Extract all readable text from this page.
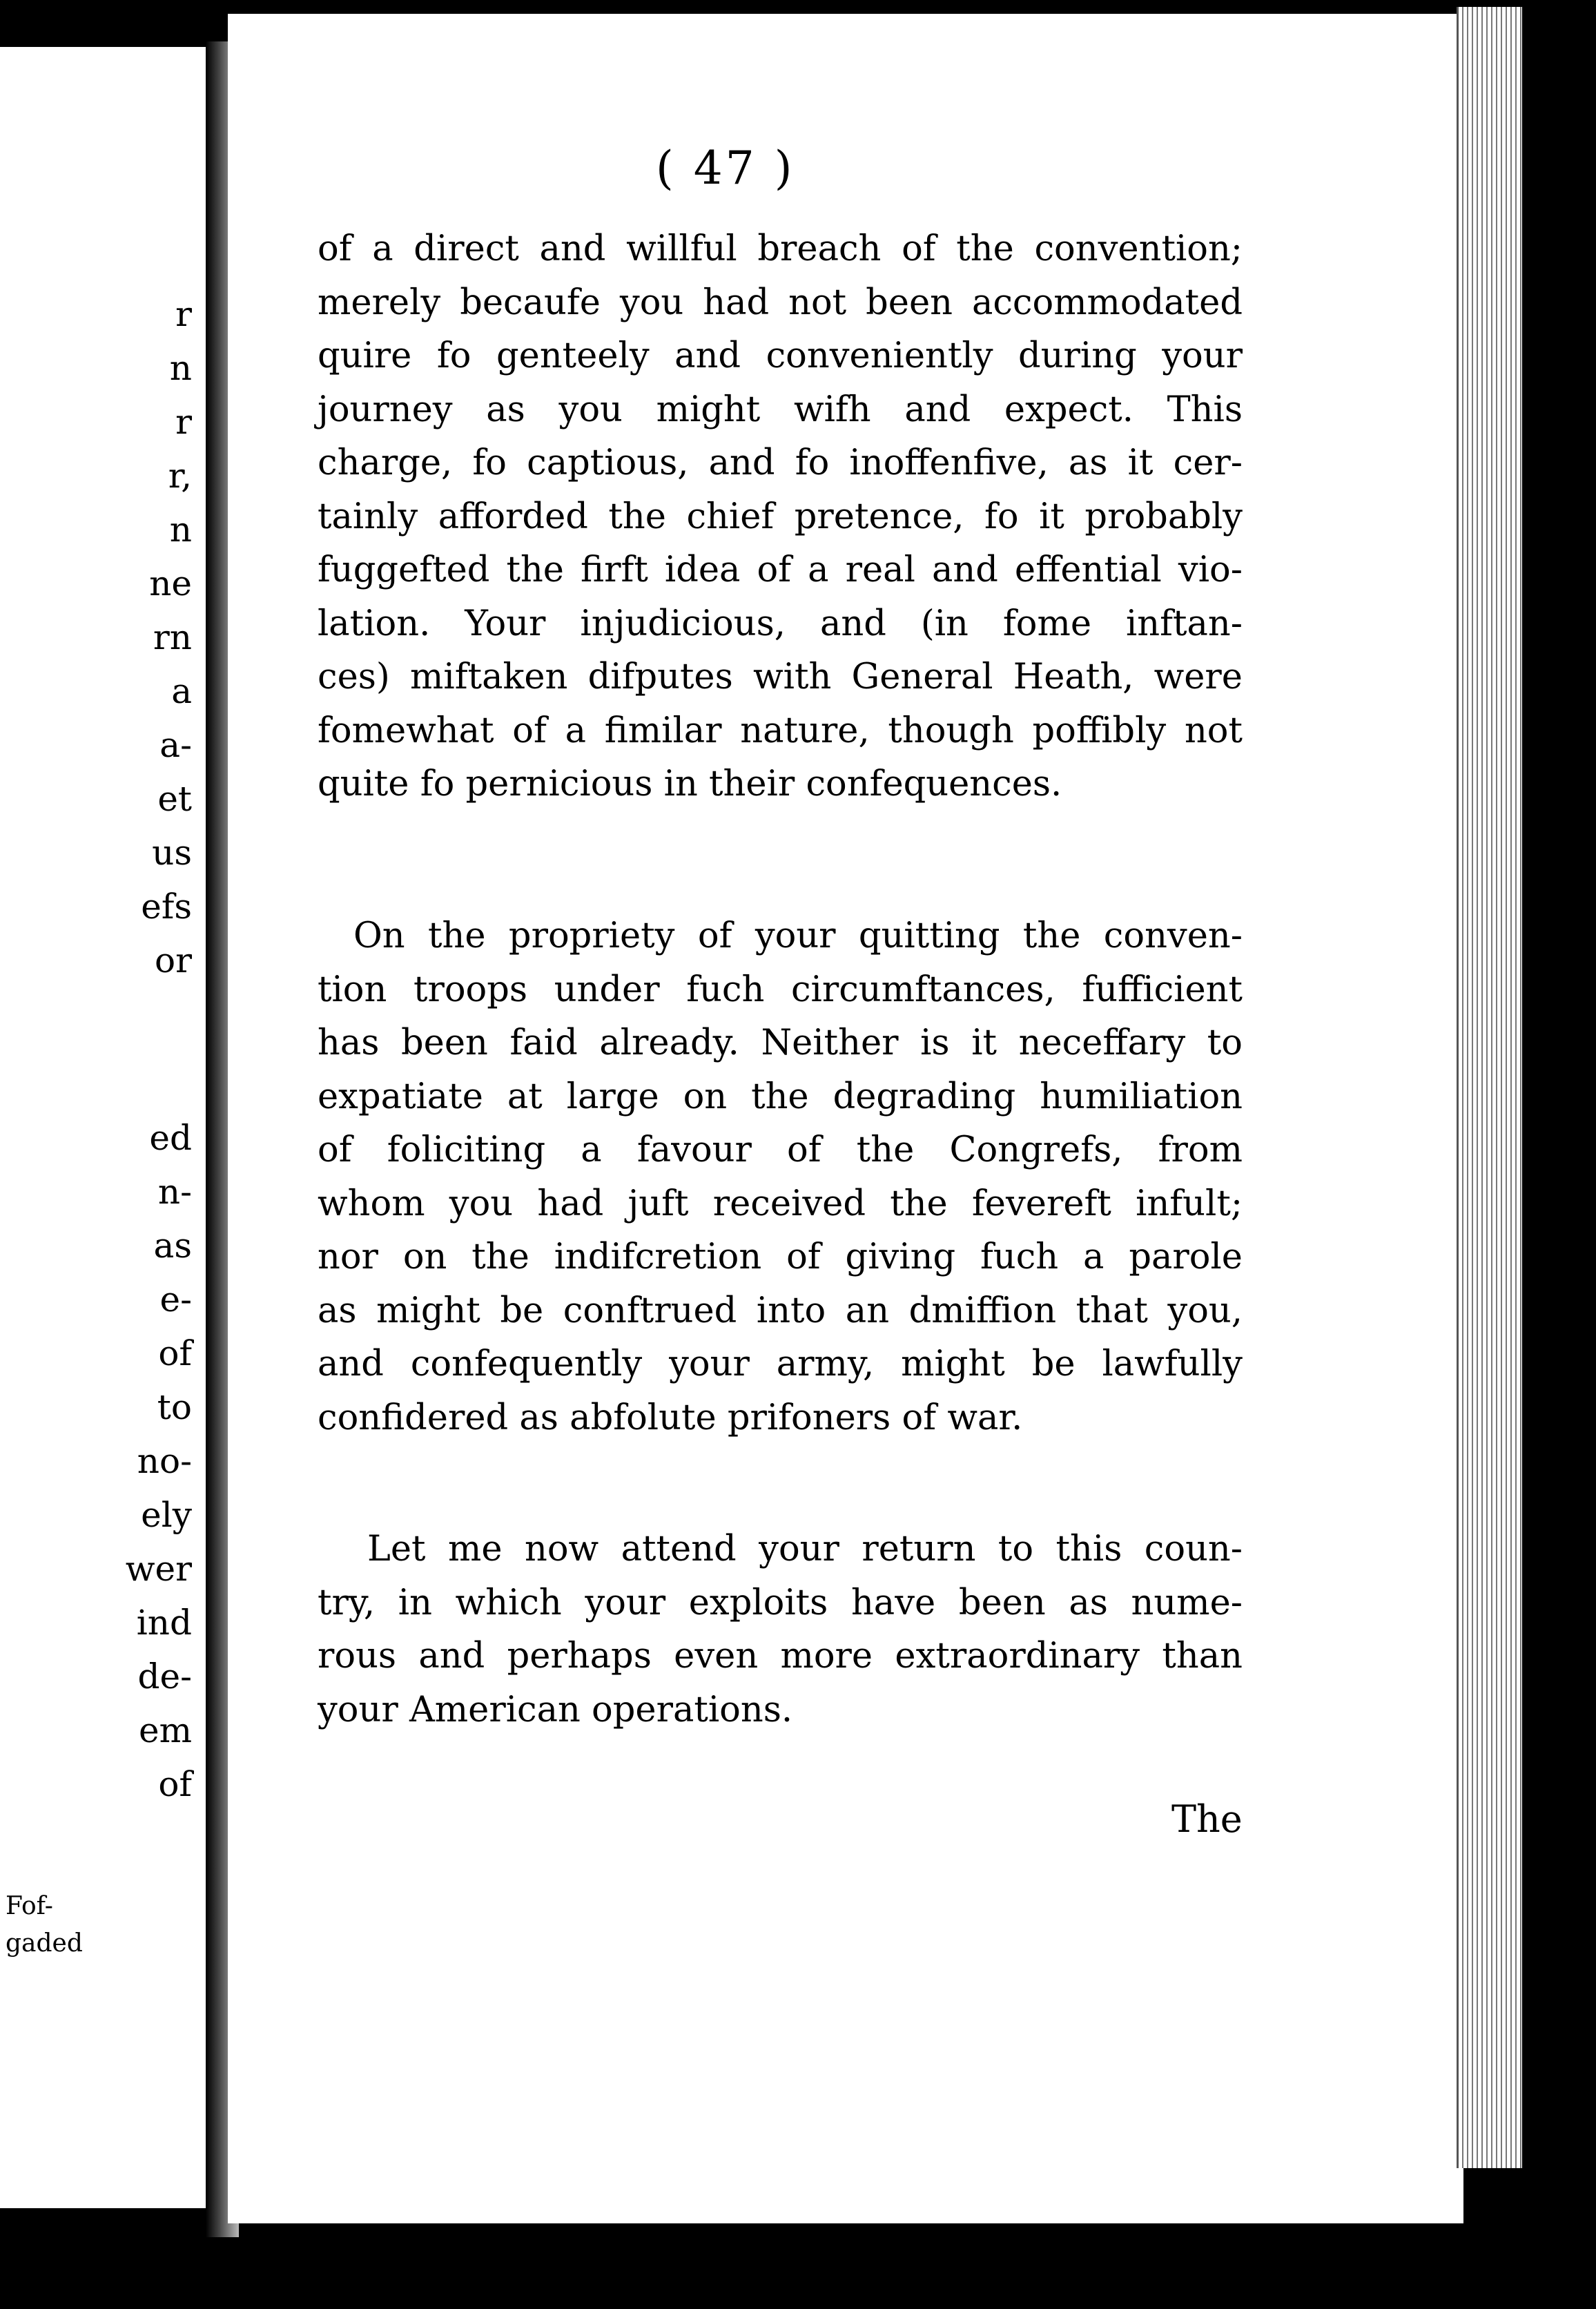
r
n
r
r,
n
ne
rn
a
a-
et
us
efs
or
ed
n-
as
e-
of
to
no-
ely
wer
ind
de-
em
of
Fof-
gaded
( 47 )
of a direct and willful breach of the convention;
merely becaufe you had not been accommodated
quire fo genteely and conveniently during your
journey as you might wifh and expect. This
charge, fo captious, and fo inoffenfive, as it cer-
tainly afforded the chief pretence, fo it probably
fuggefted the firft idea of a real and effential vio-
lation. Your injudicious, and (in fome inftan-
ces) miftaken difputes with General Heath, were
fomewhat of a fimilar nature, though poffibly not
quite fo pernicious in their confequences.
On the propriety of your quitting the conven-
tion troops under fuch circumftances, fufficient
has been faid already. Neither is it neceffary to
expatiate at large on the degrading humiliation
of foliciting a favour of the Congrefs, from
whom you had juft received the fevereft infult;
nor on the indifcretion of giving fuch a parole
as might be conftrued into an dmiffion that you,
and confequently your army, might be lawfully
confidered as abfolute prifoners of war.
Let me now attend your return to this coun-
try, in which your exploits have been as nume-
rous and perhaps even more extraordinary than
your American operations.
The
